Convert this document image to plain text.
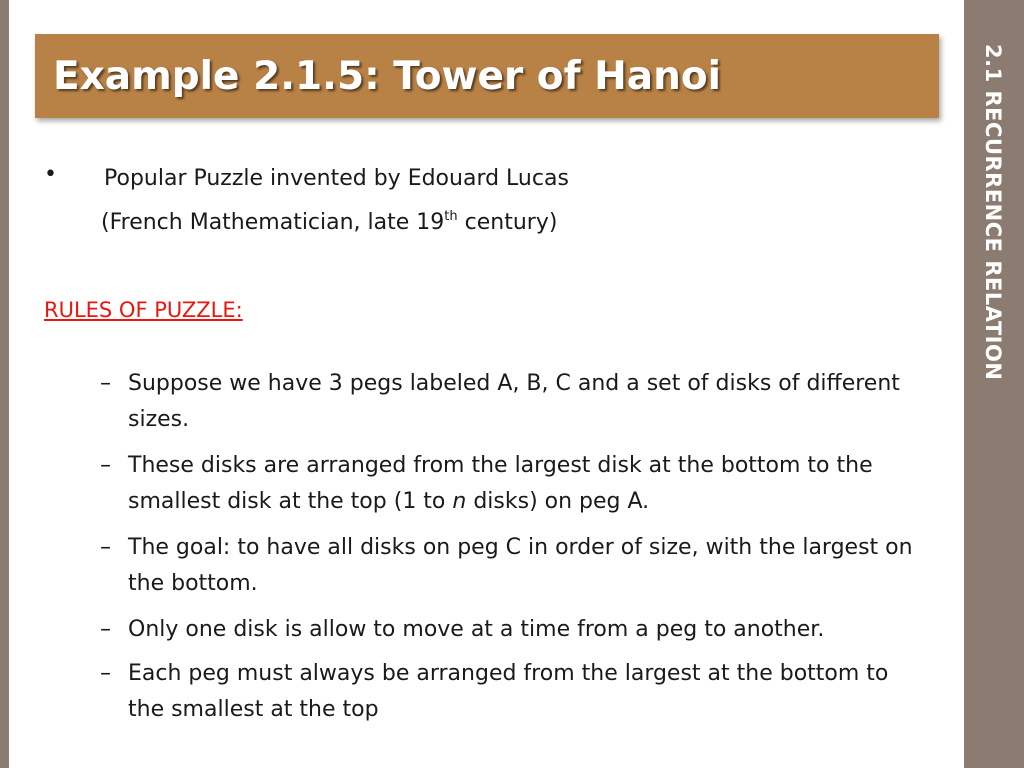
2.1 RECURRENCE RELATION
Example 2.1.5: Tower of Hanoi
• Popular Puzzle invented by Edouard Lucas
(French Mathematician, late 19th century)
RULES OF PUZZLE:
– Suppose we have 3 pegs labeled A, B, C and a set of disks of different sizes.
– These disks are arranged from the largest disk at the bottom to the smallest disk at the top (1 to n disks) on peg A.
– The goal: to have all disks on peg C in order of size, with the largest on the bottom.
– Only one disk is allow to move at a time from a peg to another.
– Each peg must always be arranged from the largest at the bottom to the smallest at the top
